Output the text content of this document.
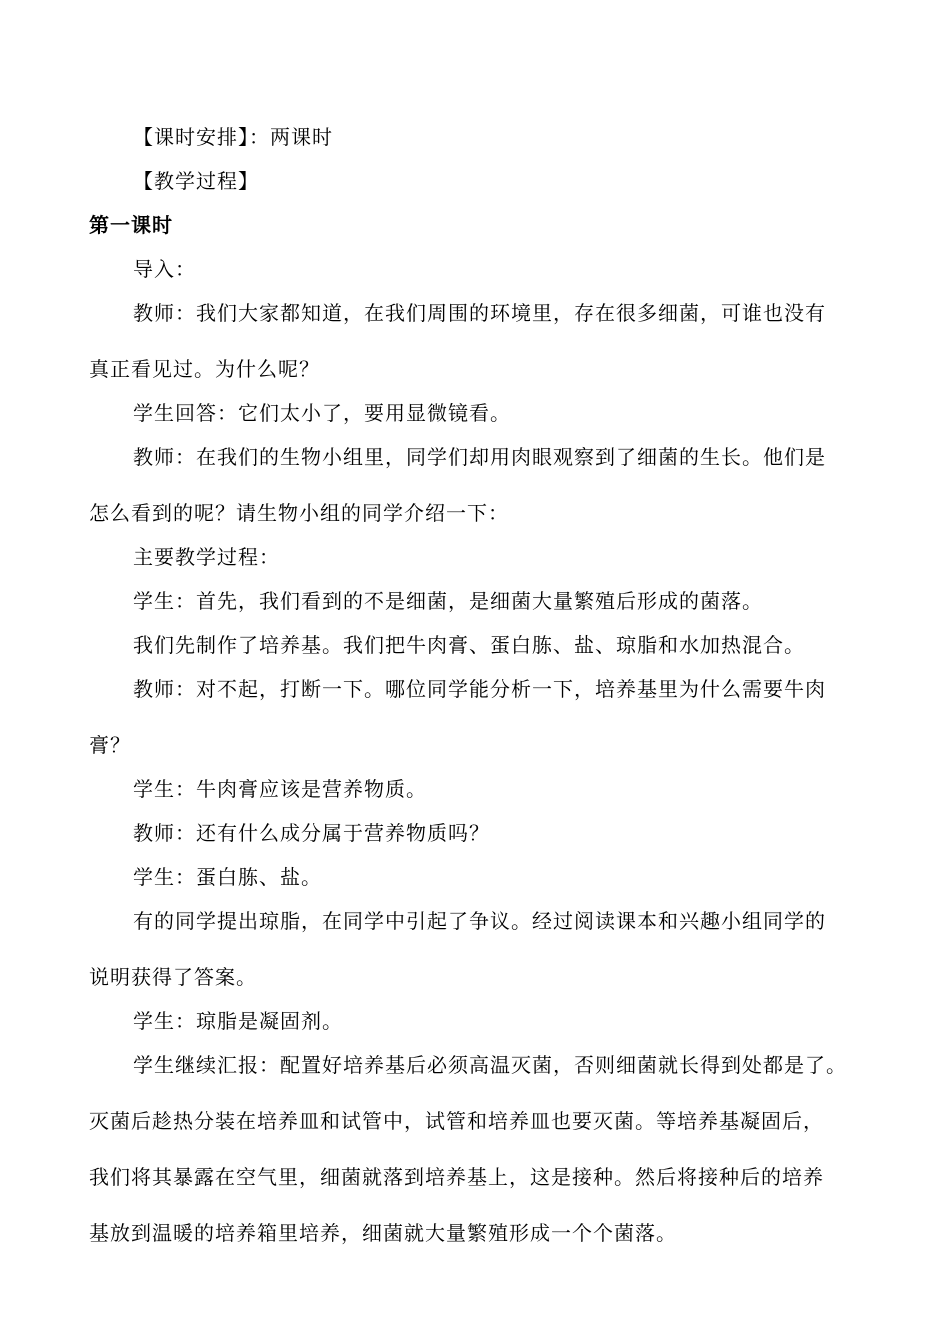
【课时安排】：两课时

【教学过程】

第一课时

导入：

教师：我们大家都知道，在我们周围的环境里，存在很多细菌，可谁也没有

真正看见过。为什么呢？

学生回答：它们太小了，要用显微镜看。

教师：在我们的生物小组里，同学们却用肉眼观察到了细菌的生长。他们是

怎么看到的呢？请生物小组的同学介绍一下：

主要教学过程：

学生：首先，我们看到的不是细菌，是细菌大量繁殖后形成的菌落。

我们先制作了培养基。我们把牛肉膏、蛋白胨、盐、琼脂和水加热混合。

教师：对不起，打断一下。哪位同学能分析一下，培养基里为什么需要牛肉

膏？

学生：牛肉膏应该是营养物质。

教师：还有什么成分属于营养物质吗？

学生：蛋白胨、盐。

有的同学提出琼脂，在同学中引起了争议。经过阅读课本和兴趣小组同学的

说明获得了答案。

学生：琼脂是凝固剂。

学生继续汇报：配置好培养基后必须高温灭菌，否则细菌就长得到处都是了。

灭菌后趁热分装在培养皿和试管中，试管和培养皿也要灭菌。等培养基凝固后，

我们将其暴露在空气里，细菌就落到培养基上，这是接种。然后将接种后的培养

基放到温暖的培养箱里培养，细菌就大量繁殖形成一个个菌落。
